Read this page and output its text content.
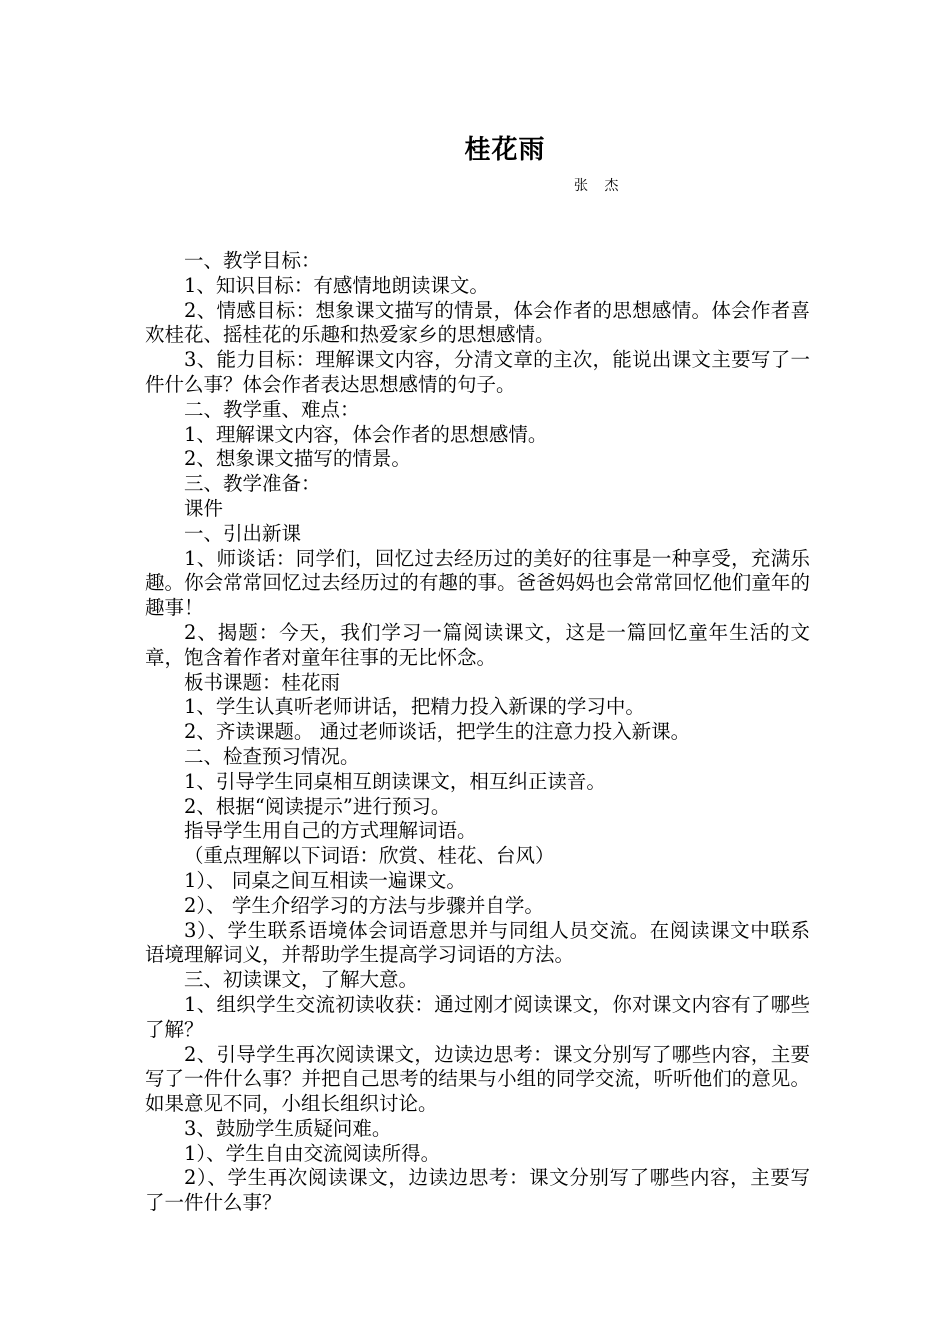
桂花雨
张 杰

一、教学目标：

1、知识目标：有感情地朗读课文。

2、情感目标：想象课文描写的情景，体会作者的思想感情。体会作者喜欢桂花、摇桂花的乐趣和热爱家乡的思想感情。

3、能力目标：理解课文内容，分清文章的主次，能说出课文主要写了一件什么事？体会作者表达思想感情的句子。

二、教学重、难点：

1、理解课文内容，体会作者的思想感情。

2、想象课文描写的情景。

三、教学准备：

课件

一、引出新课

1、师谈话：同学们，回忆过去经历过的美好的往事是一种享受，充满乐趣。你会常常回忆过去经历过的有趣的事。爸爸妈妈也会常常回忆他们童年的趣事！

2、揭题：今天，我们学习一篇阅读课文，这是一篇回忆童年生活的文章，饱含着作者对童年往事的无比怀念。

板书课题：桂花雨

1、学生认真听老师讲话，把精力投入新课的学习中。

2、齐读课题。 通过老师谈话，把学生的注意力投入新课。

二、检查预习情况。

1、引导学生同桌相互朗读课文，相互纠正读音。

2、根据“阅读提示”进行预习。

指导学生用自己的方式理解词语。

（重点理解以下词语：欣赏、桂花、台风）

1）、 同桌之间互相读一遍课文。

2）、 学生介绍学习的方法与步骤并自学。

3）、学生联系语境体会词语意思并与同组人员交流。在阅读课文中联系语境理解词义，并帮助学生提高学习词语的方法。

三、初读课文，了解大意。

1、组织学生交流初读收获：通过刚才阅读课文，你对课文内容有了哪些了解？

2、引导学生再次阅读课文，边读边思考：课文分别写了哪些内容，主要写了一件什么事？并把自己思考的结果与小组的同学交流，听听他们的意见。如果意见不同，小组长组织讨论。

3、鼓励学生质疑问难。

1）、学生自由交流阅读所得。

2）、学生再次阅读课文，边读边思考：课文分别写了哪些内容，主要写了一件什么事？
